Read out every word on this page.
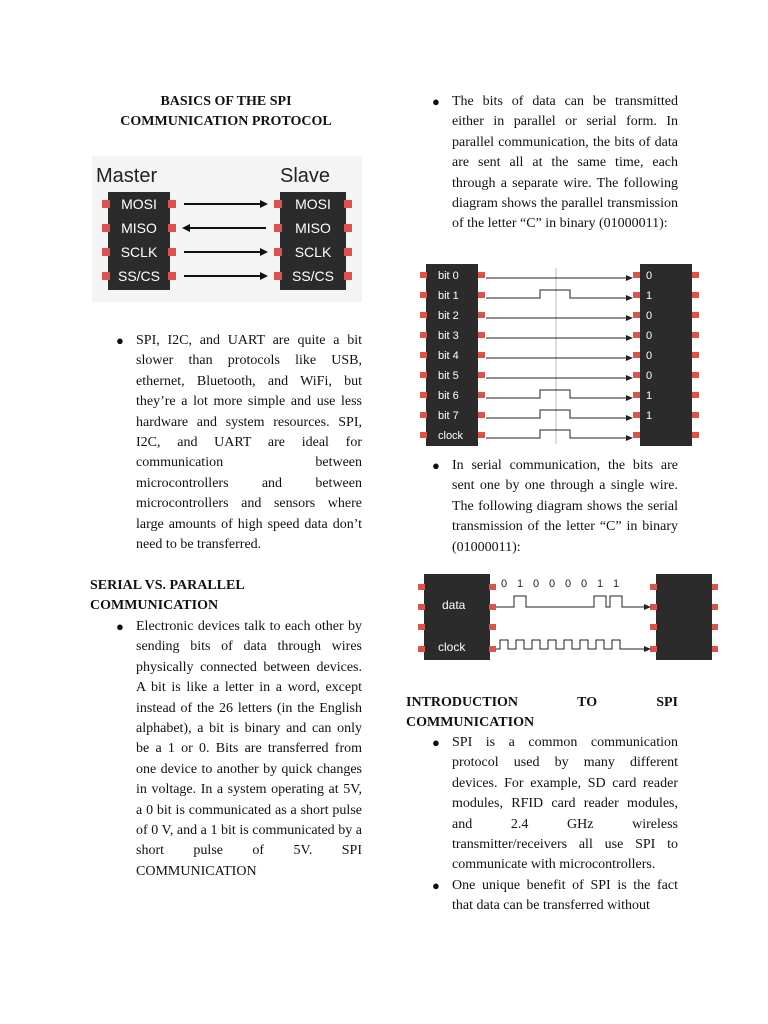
BASICS OF THE SPI COMMUNICATION PROTOCOL
Master	Slave
MOSI	MOSI
MISO	MISO
SCLK	SCLK
SS/CS	SS/CS
● SPI, I2C, and UART are quite a bit slower than protocols like USB, ethernet, Bluetooth, and WiFi, but they’re a lot more simple and use less hardware and system resources. SPI, I2C, and UART are ideal for communication between microcontrollers and between microcontrollers and sensors where large amounts of high speed data don’t need to be transferred.
SERIAL VS. PARALLEL COMMUNICATION
● Electronic devices talk to each other by sending bits of data through wires physically connected between devices. A bit is like a letter in a word, except instead of the 26 letters (in the English alphabet), a bit is binary and can only be a 1 or 0. Bits are transferred from one device to another by quick changes in voltage. In a system operating at 5V, a 0 bit is communicated as a short pulse of 0 V, and a 1 bit is communicated by a short pulse of 5V. SPI COMMUNICATION
● The bits of data can be transmitted either in parallel or serial form. In parallel communication, the bits of data are sent all at the same time, each through a separate wire. The following diagram shows the parallel transmission of the letter “C” in binary (01000011):
bit 0	0
bit 1	1
bit 2	0
bit 3	0
bit 4	0
bit 5	0
bit 6	1
bit 7	1
clock
● In serial communication, the bits are sent one by one through a single wire. The following diagram shows the serial transmission of the letter “C” in binary (01000011):
data
clock
0 1 0 0 0 0 1 1
INTRODUCTION	TO	SPI
COMMUNICATION
● SPI is a common communication protocol used by many different devices. For example, SD card reader modules, RFID card reader modules, and 2.4 GHz wireless transmitter/receivers all use SPI to communicate with microcontrollers.
● One unique benefit of SPI is the fact that data can be transferred without
